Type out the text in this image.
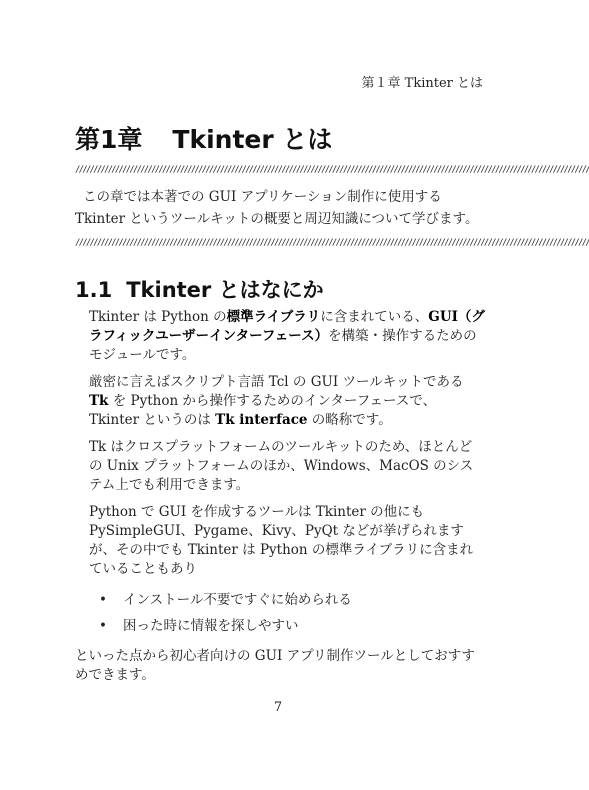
第１章 Tkinter とは
第1章 Tkinter とは
//////////////////////////////////////////////////////////////////////////////////////////////////////////////////////////////////////////////

この章では本著での GUI アプリケーション制作に使用する

Tkinter というツールキットの概要と周辺知識について学びます。

//////////////////////////////////////////////////////////////////////////////////////////////////////////////////////////////////////////////
1.1 Tkinter とはなにか

Tkinter は Python の標準ライブラリに含まれている、GUI（グラフィックユーザーインターフェース）を構築・操作するためのモジュールです。

厳密に言えばスクリプト言語 Tcl の GUI ツールキットである
Tk を Python から操作するためのインターフェースで、Tkinter というのは Tk interface の略称です。

Tk はクロスプラットフォームのツールキットのため、ほとんどの Unix プラットフォームのほか、Windows、MacOS のシステム上でも利用できます。

Python で GUI を作成するツールは Tkinter の他にも
PySimpleGUI、Pygame、Kivy、PyQt などが挙げられますが、その中でも Tkinter は Python の標準ライブラリに含まれていることもあり

• インストール不要ですぐに始められる
• 困った時に情報を探しやすい

といった点から初心者向けの GUI アプリ制作ツールとしておすすめできます。

7
